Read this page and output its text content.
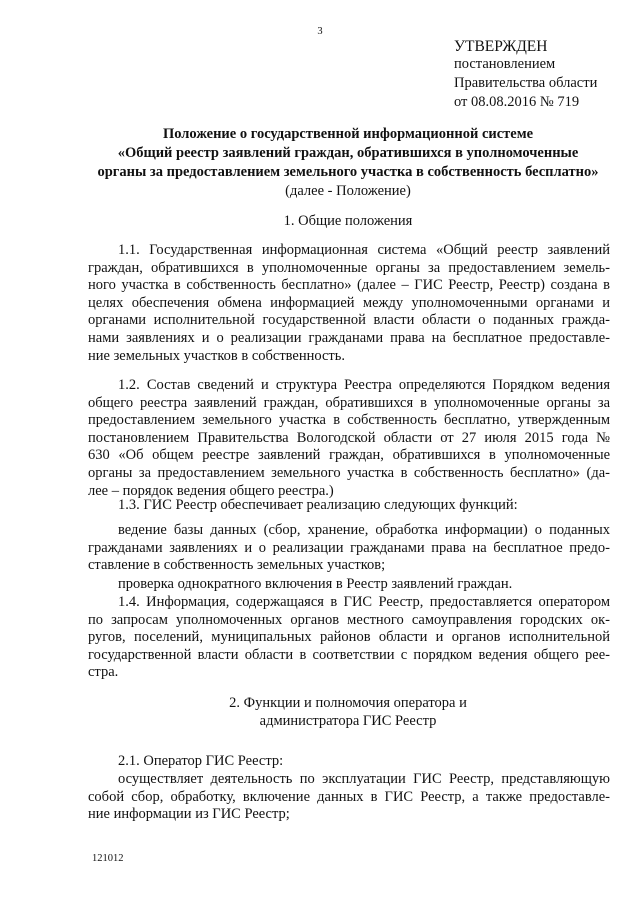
3
УТВЕРЖДЕН
постановлением
Правительства области
от 08.08.2016 № 719
Положение о государственной информационной системе
«Общий реестр заявлений граждан, обратившихся в уполномоченные
органы за предоставлением земельного участка в собственность бесплатно»
(далее - Положение)
1. Общие положения
1.1. Государственная информационная система «Общий реестр заявлений
граждан, обратившихся в уполномоченные органы за предоставлением земель-
ного участка в собственность бесплатно» (далее – ГИС Реестр, Реестр) создана в
целях обеспечения обмена информацией между уполномоченными органами и
органами исполнительной государственной власти области о поданных гражда-
нами заявлениях и о реализации гражданами права на бесплатное предоставле-
ние земельных участков в собственность.
1.2. Состав сведений и структура Реестра определяются Порядком ведения
общего реестра заявлений граждан, обратившихся в уполномоченные органы за
предоставлением земельного участка в собственность бесплатно, утвержденным
постановлением Правительства Вологодской области от 27 июля 2015 года №
630 «Об общем реестре заявлений граждан, обратившихся в уполномоченные
органы за предоставлением земельного участка в собственность бесплатно» (да-
лее – порядок ведения общего реестра.)
1.3. ГИС Реестр обеспечивает реализацию следующих функций:
ведение базы данных (сбор, хранение, обработка информации) о поданных
гражданами заявлениях и о реализации гражданами права на бесплатное предо-
ставление в собственность земельных участков;
проверка однократного включения в Реестр заявлений граждан.
1.4. Информация, содержащаяся в ГИС Реестр, предоставляется оператором
по запросам уполномоченных органов местного самоуправления городских ок-
ругов, поселений, муниципальных районов области и органов исполнительной
государственной власти области в соответствии с порядком ведения общего рее-
стра.
2.1. Оператор ГИС Реестр:
осуществляет деятельность по эксплуатации ГИС Реестр, представляющую
собой сбор, обработку, включение данных в ГИС Реестр, а также предоставле-
ние информации из ГИС Реестр;
2. Функции и полномочия оператора и
администратора ГИС Реестр
121012
